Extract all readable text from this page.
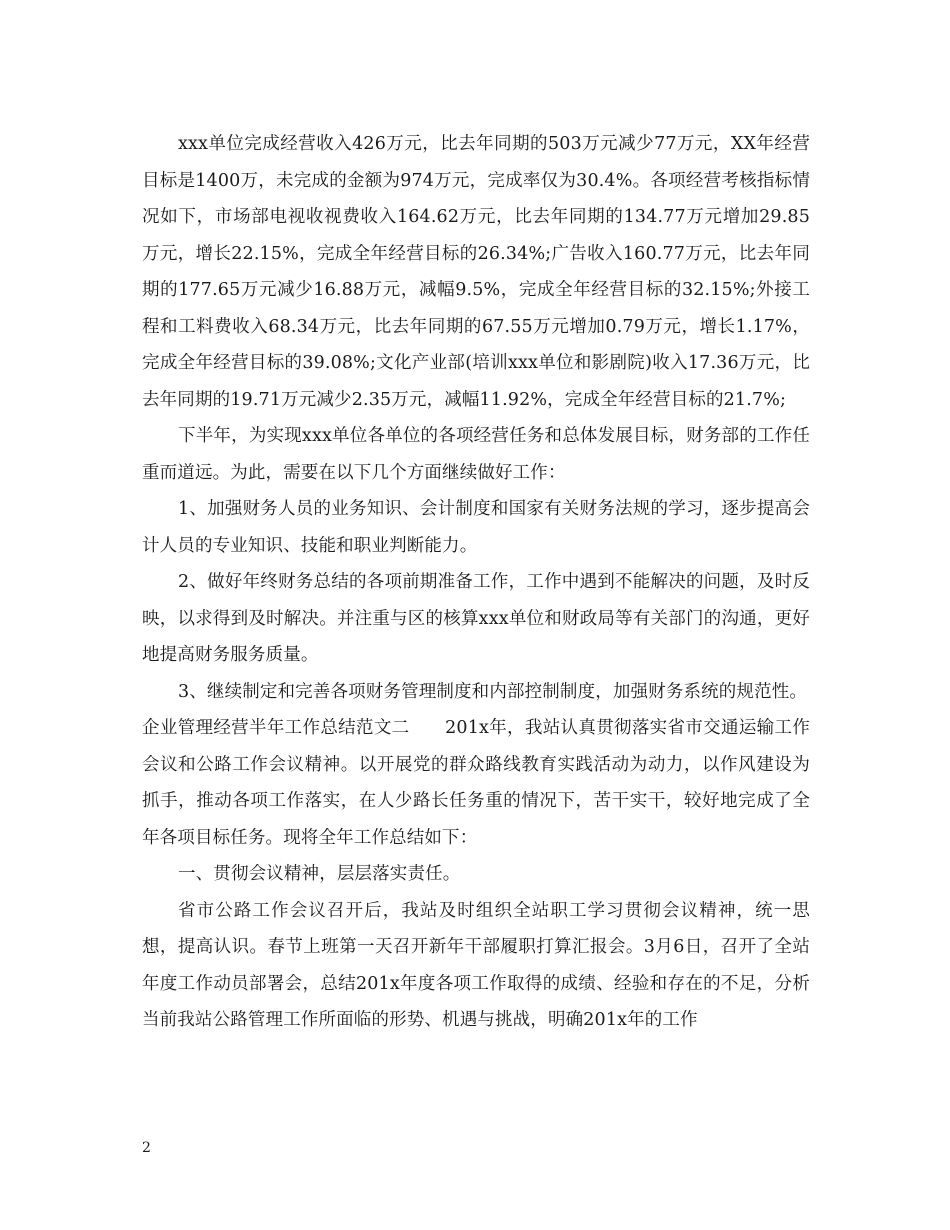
xxx单位完成经营收入426万元，比去年同期的503万元减少77万元，XX年经营目标是1400万，未完成的金额为974万元，完成率仅为30.4%。各项经营考核指标情况如下，市场部电视收视费收入164.62万元，比去年同期的134.77万元增加29.85万元，增长22.15%，完成全年经营目标的26.34%;广告收入160.77万元，比去年同期的177.65万元减少16.88万元，减幅9.5%，完成全年经营目标的32.15%;外接工程和工料费收入68.34万元，比去年同期的67.55万元增加0.79万元，增长1.17%，完成全年经营目标的39.08%;文化产业部(培训xxx单位和影剧院)收入17.36万元，比去年同期的19.71万元减少2.35万元，减幅11.92%，完成全年经营目标的21.7%;

下半年，为实现xxx单位各单位的各项经营任务和总体发展目标，财务部的工作任重而道远。为此，需要在以下几个方面继续做好工作：

1、加强财务人员的业务知识、会计制度和国家有关财务法规的学习，逐步提高会计人员的专业知识、技能和职业判断能力。

2、做好年终财务总结的各项前期准备工作，工作中遇到不能解决的问题，及时反映，以求得到及时解决。并注重与区的核算xxx单位和财政局等有关部门的沟通，更好地提高财务服务质量。

3、继续制定和完善各项财务管理制度和内部控制制度，加强财务系统的规范性。

企业管理经营半年工作总结范文二　　201x年，我站认真贯彻落实省市交通运输工作会议和公路工作会议精神。以开展党的群众路线教育实践活动为动力，以作风建设为抓手，推动各项工作落实，在人少路长任务重的情况下，苦干实干，较好地完成了全年各项目标任务。现将全年工作总结如下：

一、贯彻会议精神，层层落实责任。

省市公路工作会议召开后，我站及时组织全站职工学习贯彻会议精神，统一思想，提高认识。春节上班第一天召开新年干部履职打算汇报会。3月6日，召开了全站年度工作动员部署会，总结201x年度各项工作取得的成绩、经验和存在的不足，分析当前我站公路管理工作所面临的形势、机遇与挑战，明确201x年的工作

2
